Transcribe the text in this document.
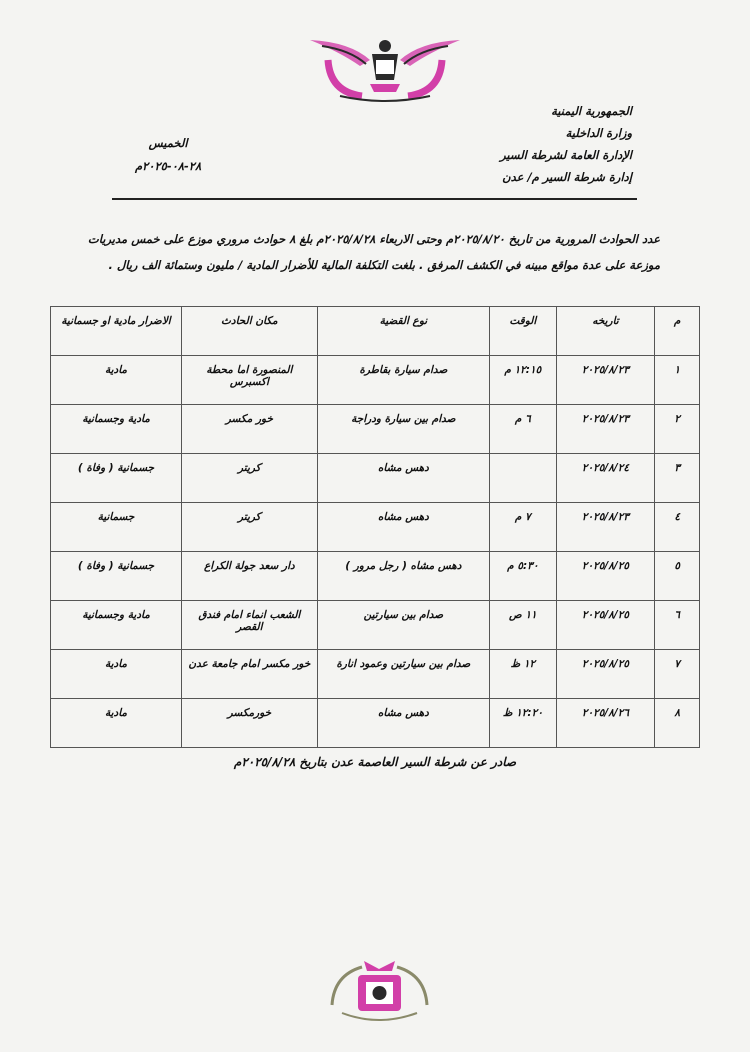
الجمهورية اليمنية
وزارة الداخلية
الإدارة العامة لشرطة السير
إدارة شرطة السير م/ عدن
الخميس
٢٨-٠٨-٢٠٢٥م
عدد الحوادث المرورية من تاريخ ٢٠٢٥/٨/٢٠م وحتى الاربعاء ٢٠٢٥/٨/٢٨م بلغ ٨ حوادث مروري موزع على خمس مديريات
موزعة على عدة مواقع مبينه في الكشف المرفق . بلغت التكلفة المالية للأضرار المادية / مليون وستمائة الف ريال .
م	تاريخه	الوقت	نوع القضية	مكان الحادث	الاضرار مادية او جسمانية
١	٢٠٢٥/٨/٢٣	١٢:١٥ م	صدام سيارة بقاطرة	المنصورة اما محطة اكسبرس	مادية
٢	٢٠٢٥/٨/٢٣	٦ م	صدام بين سيارة ودراجة	خور مكسر	مادية وجسمانية
٣	٢٠٢٥/٨/٢٤		دهس مشاه	كريتر	جسمانية ( وفاة )
٤	٢٠٢٥/٨/٢٣	٧ م	دهس مشاه	كريتر	جسمانية
٥	٢٠٢٥/٨/٢٥	٥:٣٠ م	دهس مشاه ( رجل مرور )	دار سعد جولة الكراع	جسمانية ( وفاة )
٦	٢٠٢٥/٨/٢٥	١١ ص	صدام بين سيارتين	الشعب انماء امام فندق القصر	مادية وجسمانية
٧	٢٠٢٥/٨/٢٥	١٢ ظ	صدام بين سيارتين وعمود انارة	خور مكسر امام جامعة عدن	مادية
٨	٢٠٢٥/٨/٢٦	١٢:٢٠ ظ	دهس مشاه	خورمكسر	مادية
صادر عن شرطة السير العاصمة عدن بتاريخ ٢٠٢٥/٨/٢٨م
